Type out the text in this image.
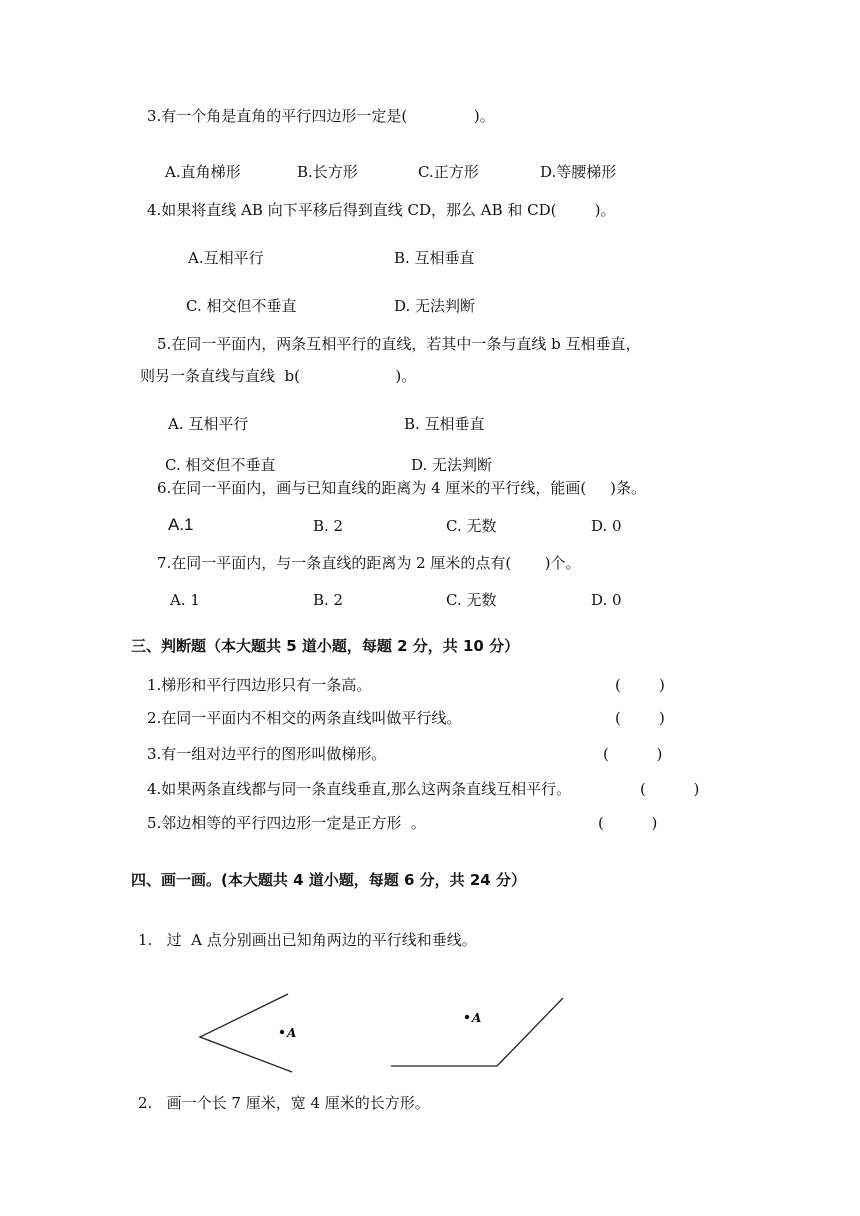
3.有一个角是直角的平行四边形一定是(              )。
A.直角梯形	B.长方形	C.正方形	D.等腰梯形
4.如果将直线 AB 向下平移后得到直线 CD，那么 AB 和 CD(        )。
A.互相平行	B. 互相垂直
C. 相交但不垂直	D. 无法判断
5.在同一平面内，两条互相平行的直线，若其中一条与直线 b 互相垂直，
则另一条直线与直线  b(                    )。
A. 互相平行	B. 互相垂直
C. 相交但不垂直	D. 无法判断
6.在同一平面内，画与已知直线的距离为 4 厘米的平行线，能画(     )条。
A.1	B. 2	C. 无数	D. 0
7.在同一平面内，与一条直线的距离为 2 厘米的点有(       )个。
A. 1	B. 2	C. 无数	D. 0
三、判断题（本大题共 5 道小题，每题 2 分，共 10 分）
1.梯形和平行四边形只有一条高。	(        )
2.在同一平面内不相交的两条直线叫做平行线。	(        )
3.有一组对边平行的图形叫做梯形。	(          )
4.如果两条直线都与同一条直线垂直,那么这两条直线互相平行。	(          )
5.邻边相等的平行四边形一定是正方形  。	(          )
四、画一画。(本大题共 4 道小题，每题 6 分，共 24 分）
1.   过  A 点分别画出已知角两边的平行线和垂线。
A
A
2.   画一个长 7 厘米，宽 4 厘米的长方形。
